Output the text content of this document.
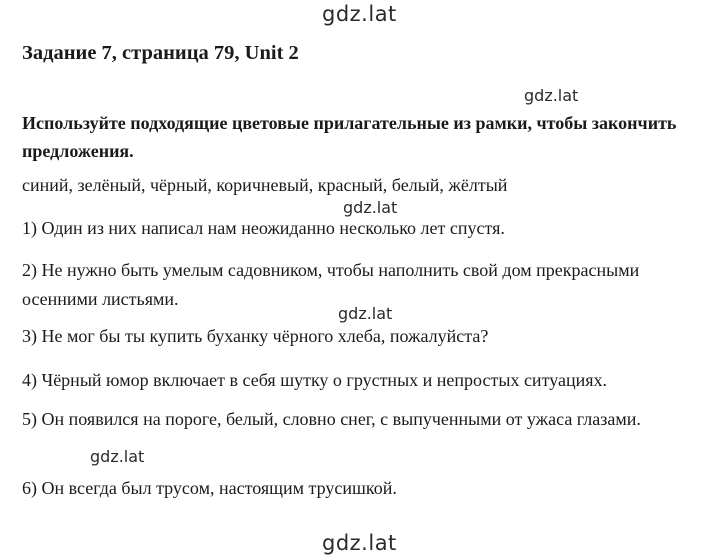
gdz.lat
Задание 7, страница 79, Unit 2
gdz.lat
Используйте подходящие цветовые прилагательные из рамки, чтобы закончить предложения.
синий, зелёный, чёрный, коричневый, красный, белый, жёлтый
gdz.lat
1) Один из них написал нам неожиданно несколько лет спустя.
2) Не нужно быть умелым садовником, чтобы наполнить свой дом прекрасными осенними листьями.
gdz.lat
3) Не мог бы ты купить буханку чёрного хлеба, пожалуйста?
4) Чёрный юмор включает в себя шутку о грустных и непростых ситуациях.
5) Он появился на пороге, белый, словно снег, с выпученными от ужаса глазами.
gdz.lat
6) Он всегда был трусом, настоящим трусишкой.
gdz.lat
